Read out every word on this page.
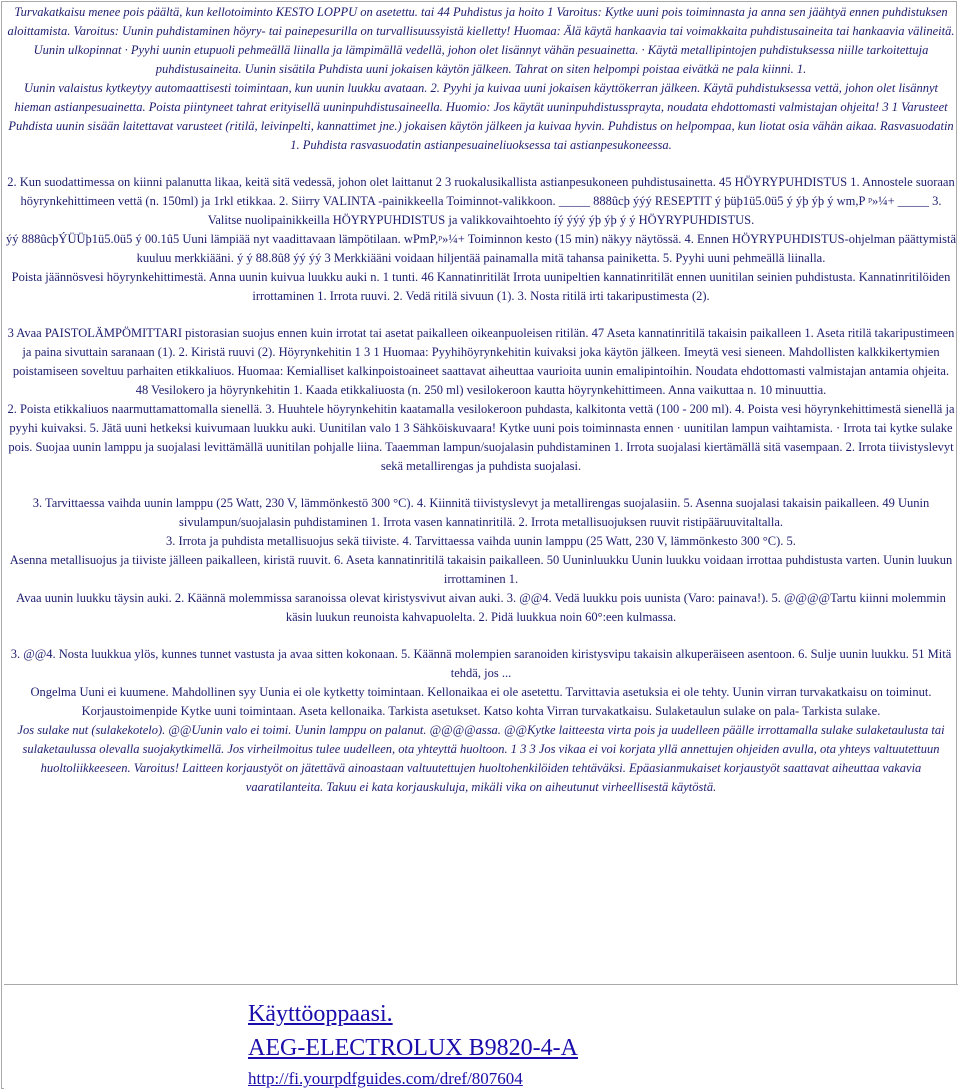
Turvakatkaisu menee pois päältä, kun kellotoiminto KESTO LOPPU on asetettu. tai 44 Puhdistus ja hoito 1 Varoitus: Kytke uuni pois toiminnasta ja anna sen jäähtyä ennen puhdistuksen aloittamista. Varoitus: Uunin puhdistaminen höyry- tai painepesurilla on turvallisuussyistä kielletty! Huomaa: Älä käytä hankaavia tai voimakkaita puhdistusaineita tai hankaavia välineitä.

Uunin ulkopinnat · Pyyhi uunin etupuoli pehmeällä liinalla ja lämpimällä vedellä, johon olet lisännyt vähän pesuainetta. · Käytä metallipintojen puhdistuksessa niille tarkoitettuja puhdistusaineita. Uunin sisätila Puhdista uuni jokaisen käytön jälkeen. Tahrat on siten helpompi poistaa eivätkä ne pala kiinni. 1.

Uunin valaistus kytkeytyy automaattisesti toimintaan, kun uunin luukku avataan. 2. Pyyhi ja kuivaa uuni jokaisen käyttökerran jälkeen. Käytä puhdistuksessa vettä, johon olet lisännyt hieman astianpesuainetta. Poista piintyneet tahrat erityisellä uuninpuhdistusaineella. Huomio: Jos käytät uuninpuhdistussprayta, noudata ehdottomasti valmistajan ohjeita! 3 1 Varusteet Puhdista uunin sisään laitettavat varusteet (ritilä, leivinpelti, kannattimet jne.) jokaisen käytön jälkeen ja kuivaa hyvin. Puhdistus on helpompaa, kun liotat osia vähän aikaa. Rasvasuodatin 1. Puhdista rasvasuodatin astianpesuaineliuoksessa tai astianpesukoneessa.

2. Kun suodattimessa on kiinni palanutta likaa, keitä sitä vedessä, johon olet laittanut 2 3 ruokalusikallista astianpesukoneen puhdistusainetta. 45 HÖYRYPUHDISTUS 1. Annostele suoraan höyrynkehittimeen vettä (n. 150ml) ja 1rkl etikkaa. 2. Siirry VALINTA -painikkeella Toiminnot-valikkoon. _____ 888ûcþ ýýý RESEPTIT ý þüþ1ü5.0ü5 ý ýþ ýþ ý wm,P ᵖ»¼+ _____ 3. Valitse nuolipainikkeilla HÖYRYPUHDISTUS ja valikkovaihtoehto íý ýýý ýþ ýþ ý ý HÖYRYPUHDISTUS.

ýý 888ûcþÝÜÜþ1ü5.0ü5 ý 00.1û5 Uuni lämpiää nyt vaadittavaan lämpötilaan. wPmP,ᵖ»¼+ Toiminnon kesto (15 min) näkyy näytössä. 4. Ennen HÖYRYPUHDISTUS-ohjelman päättymistä kuuluu merkkiääni. ý ý 88.8û8 ýý ýý 3 Merkkiääni voidaan hiljentää painamalla mitä tahansa painiketta. 5. Pyyhi uuni pehmeällä liinalla.

Poista jäännösvesi höyrynkehittimestä. Anna uunin kuivua luukku auki n. 1 tunti. 46 Kannatinritilät Irrota uunipeltien kannatinritilät ennen uunitilan seinien puhdistusta. Kannatinritilöiden irrottaminen 1. Irrota ruuvi. 2. Vedä ritilä sivuun (1). 3. Nosta ritilä irti takaripustimesta (2).

3 Avaa PAISTOLÄMPÖMITTARI pistorasian suojus ennen kuin irrotat tai asetat paikalleen oikeanpuoleisen ritilän. 47 Aseta kannatinritilä takaisin paikalleen 1. Aseta ritilä takaripustimeen ja paina sivuttain saranaan (1). 2. Kiristä ruuvi (2). Höyrynkehitin 1 3 1 Huomaa: Pyyhihöyrynkehitin kuivaksi joka käytön jälkeen. Imeytä vesi sieneen. Mahdollisten kalkkikertymien poistamiseen soveltuu parhaiten etikkaliuos. Huomaa: Kemialliset kalkinpoistoaineet saattavat aiheuttaa vaurioita uunin emalipintoihin. Noudata ehdottomasti valmistajan antamia ohjeita.

48 Vesilokero ja höyrynkehitin 1. Kaada etikkaliuosta (n. 250 ml) vesilokeroon kautta höyrynkehittimeen. Anna vaikuttaa n. 10 minuuttia.

2. Poista etikkaliuos naarmuttamattomalla sienellä. 3. Huuhtele höyrynkehitin kaatamalla vesilokeroon puhdasta, kalkitonta vettä (100 - 200 ml). 4. Poista vesi höyrynkehittimestä sienellä ja pyyhi kuivaksi. 5. Jätä uuni hetkeksi kuivumaan luukku auki. Uunitilan valo 1 3 Sähköiskuvaara! Kytke uuni pois toiminnasta ennen · uunitilan lampun vaihtamista. · Irrota tai kytke sulake pois. Suojaa uunin lamppu ja suojalasi levittämällä uunitilan pohjalle liina. Taaemman lampun/suojalasin puhdistaminen 1. Irrota suojalasi kiertämällä sitä vasempaan. 2. Irrota tiivistyslevyt sekä metallirengas ja puhdista suojalasi.

3. Tarvittaessa vaihda uunin lamppu (25 Watt, 230 V, lämmönkestö 300 °C). 4. Kiinnitä tiivistyslevyt ja metallirengas suojalasiin. 5. Asenna suojalasi takaisin paikalleen. 49 Uunin sivulampun/suojalasin puhdistaminen 1. Irrota vasen kannatinritilä. 2. Irrota metallisuojuksen ruuvit ristipääruuvitaltalla.

3. Irrota ja puhdista metallisuojus sekä tiiviste. 4. Tarvittaessa vaihda uunin lamppu (25 Watt, 230 V, lämmönkesto 300 °C). 5.

Asenna metallisuojus ja tiiviste jälleen paikalleen, kiristä ruuvit. 6. Aseta kannatinritilä takaisin paikalleen. 50 Uuninluukku Uunin luukku voidaan irrottaa puhdistusta varten. Uunin luukun irrottaminen 1.

Avaa uunin luukku täysin auki. 2. Käännä molemmissa saranoissa olevat kiristysvivut aivan auki. 3. @@4. Vedä luukku pois uunista (Varo: painava!). 5. @@@@Tartu kiinni molemmin käsin luukun reunoista kahvapuolelta. 2. Pidä luukkua noin 60°:een kulmassa.

3. @@4. Nosta luukkua ylös, kunnes tunnet vastusta ja avaa sitten kokonaan. 5. Käännä molempien saranoiden kiristysvipu takaisin alkuperäiseen asentoon. 6. Sulje uunin luukku. 51 Mitä tehdä, jos ...

Ongelma Uuni ei kuumene. Mahdollinen syy Uunia ei ole kytketty toimintaan. Kellonaikaa ei ole asetettu. Tarvittavia asetuksia ei ole tehty. Uunin virran turvakatkaisu on toiminut.

Korjaustoimenpide Kytke uuni toimintaan. Aseta kellonaika. Tarkista asetukset. Katso kohta Virran turvakatkaisu. Sulaketaulun sulake on pala- Tarkista sulake.

Jos sulake nut (sulakekotelo). @@Uunin valo ei toimi. Uunin lamppu on palanut. @@@@assa. @@Kytke laitteesta virta pois ja uudelleen päälle irrottamalla sulake sulaketaulusta tai sulaketaulussa olevalla suojakytkimellä. Jos virheilmoitus tulee uudelleen, ota yhteyttä huoltoon. 1 3 3 Jos vikaa ei voi korjata yllä annettujen ohjeiden avulla, ota yhteys valtuutettuun huoltoliikkeeseen. Varoitus! Laitteen korjaustyöt on jätettävä ainoastaan valtuutettujen huoltohenkilöiden tehtäväksi. Epäasianmukaiset korjaustyöt saattavat aiheuttaa vakavia vaaratilanteita. Takuu ei kata korjauskuluja, mikäli vika on aiheutunut virheellisestä käytöstä.

Käyttöoppaasi.
AEG-ELECTROLUX B9820-4-A
http://fi.yourpdfguides.com/dref/807604
